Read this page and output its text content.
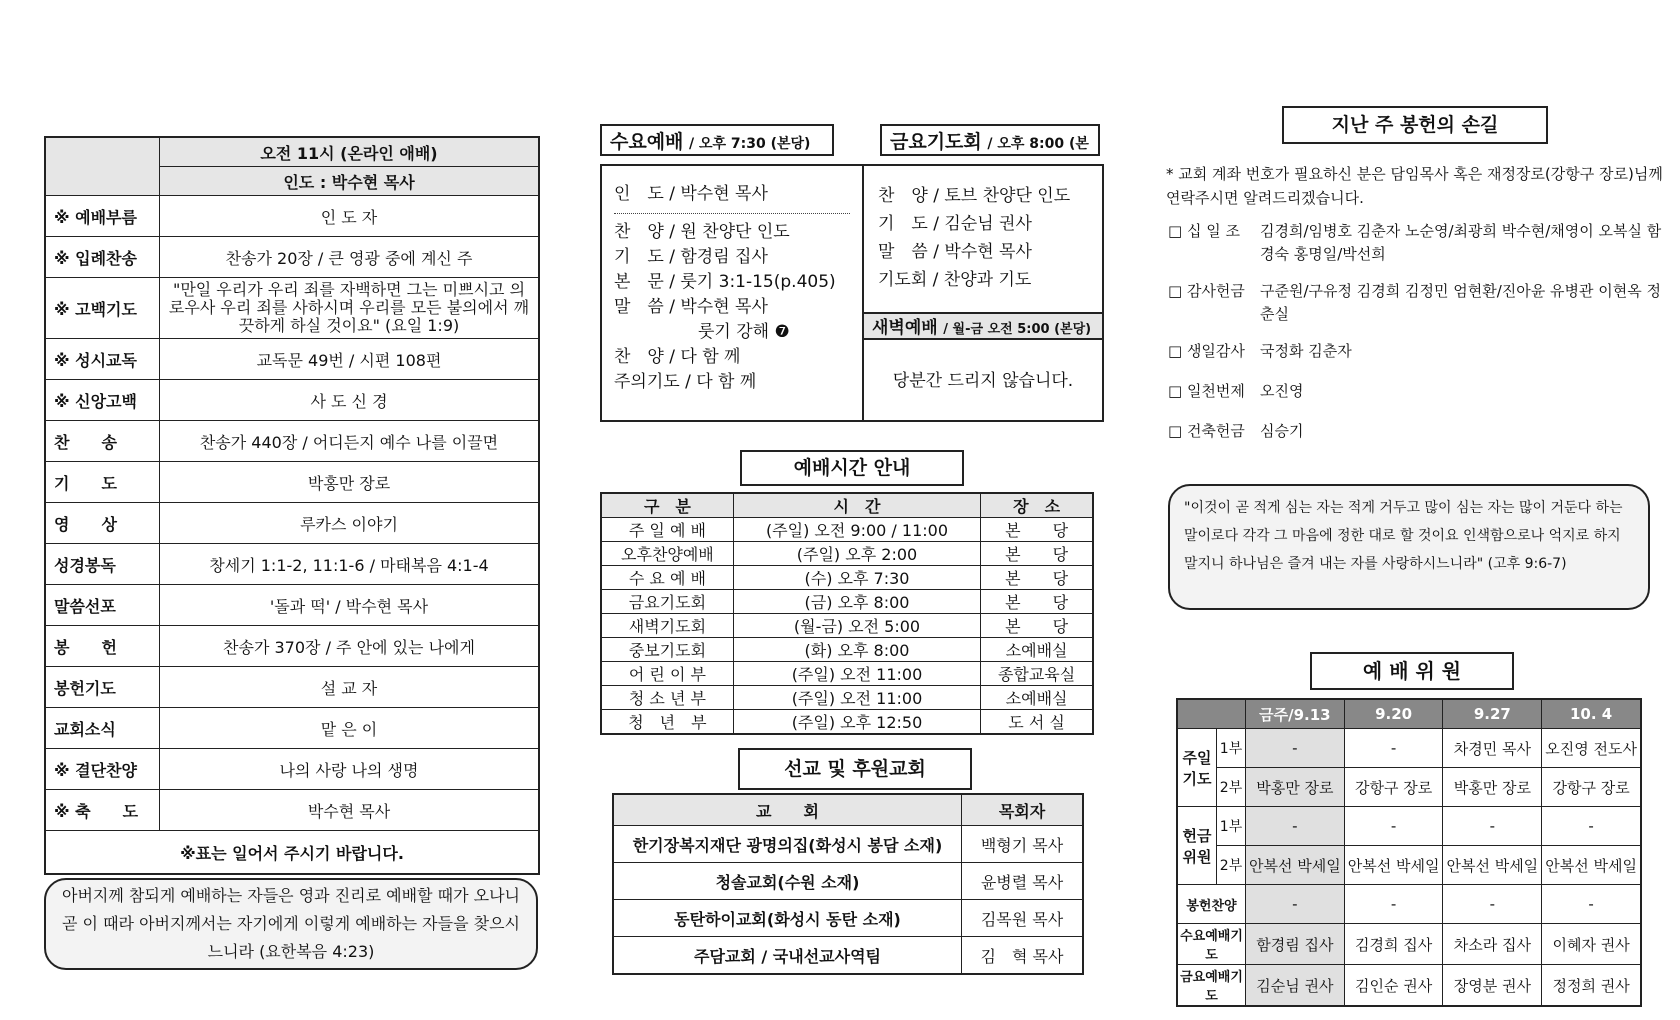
	오전 11시 (온라인 애배)
	인도 : 박수현 목사
※ 예배부름	인 도 자
※ 입례찬송	찬송가 20장 / 큰 영광 중에 계신 주
※ 고백기도	"만일 우리가 우리 죄를 자백하면 그는 미쁘시고 의로우사 우리 죄를 사하시며 우리를 모든 불의에서 깨끗하게 하실 것이요" (요일 1:9)
※ 성시교독	교독문 49번 / 시편 108편
※ 신앙고백	사 도 신 경
찬　　송	찬송가 440장 / 어디든지 예수 나를 이끌면
기　　도	박홍만 장로
영　　상	루카스 이야기
성경봉독	창세기 1:1-2, 11:1-6 / 마태복음 4:1-4
말씀선포	'돌과 떡' / 박수현 목사
봉　　헌	찬송가 370장 / 주 안에 있는 나에게
봉헌기도	설 교 자
교회소식	맡 은 이
※ 결단찬양	나의 사랑 나의 생명
※ 축　　도	박수현 목사
※표는 일어서 주시기 바랍니다.	
아버지께 참되게 예배하는 자들은 영과 진리로 예배할 때가 오나니 곧 이 때라 아버지께서는 자기에게 이렇게 예배하는 자들을 찾으시느니라 (요한복음 4:23)
수요예배 / 오후 7:30 (본당)	금요기도회 / 오후 8:00 (본
인　도 / 박수현 목사
찬　양 / 원 찬양단 인도
기　도 / 함경림 집사
본　문 / 룻기 3:1-15(p.405)
말　씀 / 박수현 목사
룻기 강해 ❼
찬　양 / 다 함 께
주의기도 / 다 함 께
찬　양 / 토브 찬양단 인도
기　도 / 김순님 권사
말　씀 / 박수현 목사
기도회 / 찬양과 기도
새벽예배 / 월-금 오전 5:00 (본당)
당분간 드리지 않습니다.
예배시간 안내
구　분	시　간	장　소
주 일 예 배	(주일) 오전 9:00 / 11:00	본　　당
오후찬양예배	(주일) 오후 2:00	본　　당
수 요 예 배	(수) 오후 7:30	본　　당
금요기도회	(금) 오후 8:00	본　　당
새벽기도회	(월-금) 오전 5:00	본　　당
중보기도회	(화) 오후 8:00	소예배실
어 린 이 부	(주일) 오전 11:00	종합교육실
청 소 년 부	(주일) 오전 11:00	소예배실
청　년　부	(주일) 오후 12:50	도 서 실
선교 및 후원교회
교　　회	목회자
한기장복지재단 광명의집(화성시 봉담 소재)	백형기 목사
청솔교회(수원 소재)	윤병렬 목사
동탄하이교회(화성시 동탄 소재)	김목원 목사
주담교회 / 국내선교사역팀	김　혁 목사
지난 주 봉헌의 손길
* 교회 계좌 번호가 필요하신 분은 담임목사 혹은 재정장로(강항구 장로)님께 연락주시면 알려드리겠습니다.
□ 십 일 조 김경희/임병호 김춘자 노순영/최광희 박수현/채영이 오복실 함경숙 홍명일/박선희
□ 감사헌금 구준원/구유정 김경희 김정민 엄현환/진아윤 유병관 이현옥 정춘실
□ 생일감사 국정화 김춘자
□ 일천번제 오진영
□ 건축헌금 심승기
"이것이 곧 적게 심는 자는 적게 거두고 많이 심는 자는 많이 거둔다 하는 말이로다 각각 그 마음에 정한 대로 할 것이요 인색함으로나 억지로 하지 말지니 하나님은 즐겨 내는 자를 사랑하시느니라" (고후 9:6-7)
예 배 위 원
		금주/9.13	9.20	9.27	10. 4
주일기도	1부	-	-	차경민 목사	오진영 전도사
	2부	박홍만 장로	강항구 장로	박홍만 장로	강항구 장로
헌금위원	1부	-	-	-	-
	2부	안복선 박세일	안복선 박세일	안복선 박세일	안복선 박세일
봉헌찬양		-	-	-	-
수요예배기도		함경림 집사	김경희 집사	차소라 집사	이혜자 권사
금요예배기도		김순님 권사	김인순 권사	장영분 권사	정정희 권사
